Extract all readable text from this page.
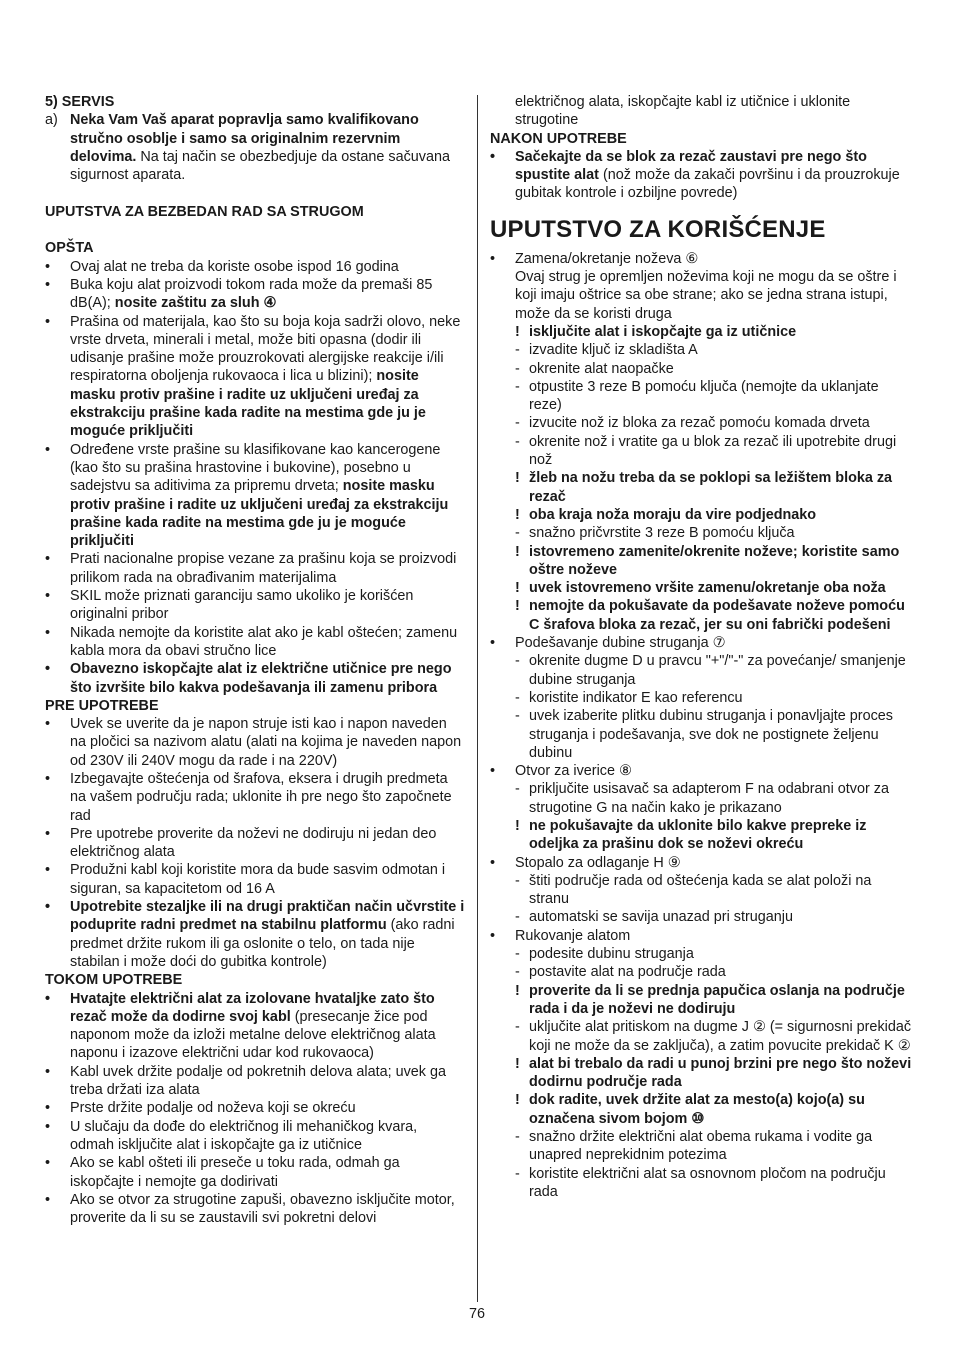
5) SERVIS
a) Neka Vam Vaš aparat popravlja samo kvalifikovano stručno osoblje i samo sa originalnim rezervnim delovima. Na taj način se obezbedjuje da ostane sačuvana sigurnost aparata.
UPUTSTVA ZA BEZBEDAN RAD SA STRUGOM
OPŠTA
•	Ovaj alat ne treba da koriste osobe ispod 16 godina
•	Buka koju alat proizvodi tokom rada može da premaši 85 dB(A); nosite zaštitu za sluh ④
•	Prašina od materijala, kao što su boja koja sadrži olovo, neke vrste drveta, minerali i metal, može biti opasna (dodir ili udisanje prašine može prouzrokovati alergijske reakcije i/ili respiratorna oboljenja rukovaoca i lica u blizini); nosite masku protiv prašine i radite uz uključeni uređaj za ekstrakciju prašine kada radite na mestima gde ju je moguće priključiti
•	Određene vrste prašine su klasifikovane kao kancerogene (kao što su prašina hrastovine i bukovine), posebno u sadejstvu sa aditivima za pripremu drveta; nosite masku protiv prašine i radite uz uključeni uređaj za ekstrakciju prašine kada radite na mestima gde ju je moguće priključiti
•	Prati nacionalne propise vezane za prašinu koja se proizvodi prilikom rada na obrađivanim materijalima
•	SKIL može priznati garanciju samo ukoliko je korišćen originalni pribor
•	Nikada nemojte da koristite alat ako je kabl oštećen; zamenu kabla mora da obavi stručno lice
•	Obavezno iskopčajte alat iz električne utičnice pre nego što izvršite bilo kakva podešavanja ili zamenu pribora
PRE UPOTREBE
•	Uvek se uverite da je napon struje isti kao i napon naveden na pločici sa nazivom alatu (alati na kojima je naveden napon od 230V ili 240V mogu da rade i na 220V)
•	Izbegavajte oštećenja od šrafova, eksera i drugih predmeta na vašem području rada; uklonite ih pre nego što započnete rad
•	Pre upotrebe proverite da noževi ne dodiruju ni jedan deo električnog alata
•	Produžni kabl koji koristite mora da bude sasvim odmotan i siguran, sa kapacitetom od 16 A
•	Upotrebite stezaljke ili na drugi praktičan način učvrstite i poduprite radni predmet na stabilnu platformu (ako radni predmet držite rukom ili ga oslonite o telo, on tada nije stabilan i može doći do gubitka kontrole)
TOKOM UPOTREBE
•	Hvatajte električni alat za izolovane hvataljke zato što rezač može da dodirne svoj kabl (presecanje žice pod naponom može da izloži metalne delove električnog alata naponu i izazove električni udar kod rukovaoca)
•	Kabl uvek držite podalje od pokretnih delova alata; uvek ga treba držati iza alata
•	Prste držite podalje od noževa koji se okreću
•	U slučaju da dođe do električnog ili mehaničkog kvara, odmah isključite alat i iskopčajte ga iz utičnice
•	Ako se kabl ošteti ili preseče u toku rada, odmah ga iskopčajte i nemojte ga dodirivati
•	Ako se otvor za strugotine zapuši, obavezno isključite motor, proverite da li su se zaustavili svi pokretni delovi
električnog alata, iskopčajte kabl iz utičnice i uklonite strugotine
NAKON UPOTREBE
•	Sačekajte da se blok za rezač zaustavi pre nego što spustite alat (nož može da zakači površinu i da prouzrokuje gubitak kontrole i ozbiljne povrede)
UPUTSTVO ZA KORIŠĆENJE
•	Zamena/okretanje noževa ⑥
Ovaj strug je opremljen noževima koji ne mogu da se oštre i koji imaju oštrice sa obe strane; ako se jedna strana istupi, može da se koristi druga
! isključite alat i iskopčajte ga iz utičnice
- izvadite ključ iz skladišta A
- okrenite alat naopačke
- otpustite 3 reze B pomoću ključa (nemojte da uklanjate reze)
- izvucite nož iz bloka za rezač pomoću komada drveta
- okrenite nož i vratite ga u blok za rezač ili upotrebite drugi nož
! žleb na nožu treba da se poklopi sa ležištem bloka za rezač
! oba kraja noža moraju da vire podjednako
- snažno pričvrstite 3 reze B pomoću ključa
! istovremeno zamenite/okrenite noževe; koristite samo oštre noževe
! uvek istovremeno vršite zamenu/okretanje oba noža
! nemojte da pokušavate da podešavate noževe pomoću C šrafova bloka za rezač, jer su oni fabrički podešeni
•	Podešavanje dubine struganja ⑦
- okrenite dugme D u pravcu "+"/"-" za povećanje/ smanjenje dubine struganja
- koristite indikator E kao referencu
- uvek izaberite plitku dubinu struganja i ponavljajte proces struganja i podešavanja, sve dok ne postignete željenu dubinu
•	Otvor za iverice ⑧
- priključite usisavač sa adapterom F na odabrani otvor za strugotine G na način kako je prikazano
! ne pokušavajte da uklonite bilo kakve prepreke iz odeljka za prašinu dok se noževi okreću
•	Stopalo za odlaganje H ⑨
- štiti područje rada od oštećenja kada se alat položi na stranu
- automatski se savija unazad pri struganju
•	Rukovanje alatom
- podesite dubinu struganja
- postavite alat na područje rada
! proverite da li se prednja papučica oslanja na područje rada i da je noževi ne dodiruju
- uključite alat pritiskom na dugme J ② (= sigurnosni prekidač koji ne može da se zaključa), a zatim povucite prekidač K ②
! alat bi trebalo da radi u punoj brzini pre nego što noževi dodirnu područje rada
! dok radite, uvek držite alat za mesto(a) kojo(a) su označena sivom bojom ⑩
- snažno držite električni alat obema rukama i vodite ga unapred neprekidnim potezima
- koristite električni alat sa osnovnom pločom na području rada
76
